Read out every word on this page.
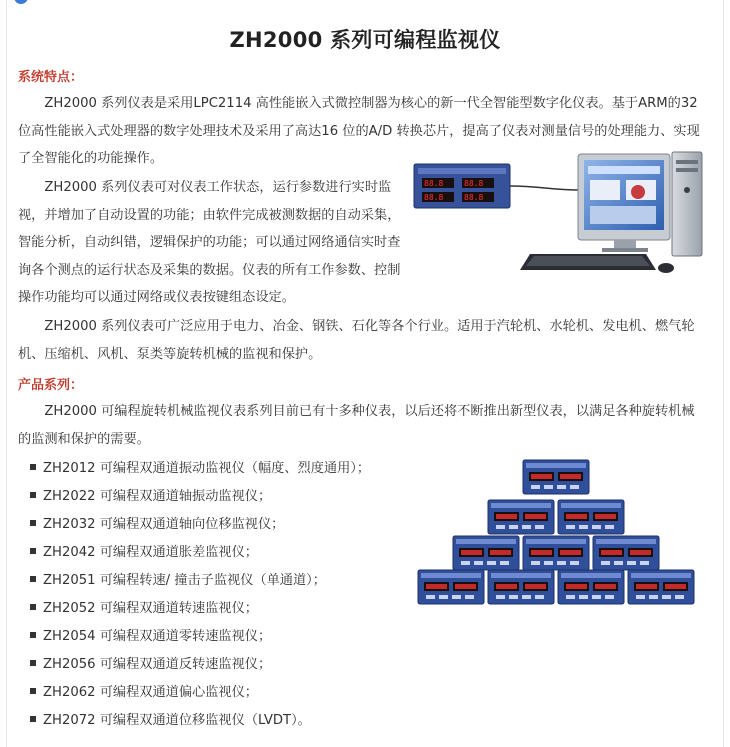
ZH2000 系列可编程监视仪
系统特点：

ZH2000 系列仪表是采用LPC2114 高性能嵌入式微控制器为核心的新一代全智能型数字化仪表。基于ARM的32 位高性能嵌入式处理器的数字处理技术及采用了高达16 位的A/D 转换芯片，提高了仪表对测量信号的处理能力、实现了全智能化的功能操作。

ZH2000 系列仪表可对仪表工作状态，运行参数进行实时监视，并增加了自动设置的功能；由软件完成被测数据的自动采集，智能分析，自动纠错，逻辑保护的功能；可以通过网络通信实时查询各个测点的运行状态及采集的数据。仪表的所有工作参数、控制操作功能均可以通过网络或仪表按键组态设定。

88.8	88.8
88.8	88.8
ZH2000 系列仪表可广泛应用于电力、冶金、钢铁、石化等各个行业。适用于汽轮机、水轮机、发电机、燃气轮机、压缩机、风机、泵类等旋转机械的监视和保护。
产品系列：

ZH2000 可编程旋转机械监视仪表系列目前已有十多种仪表，以后还将不断推出新型仪表，以满足各种旋转机械的监测和保护的需要。

ZH2012 可编程双通道振动监视仪（幅度、烈度通用）；
ZH2022 可编程双通道轴振动监视仪；
ZH2032 可编程双通道轴向位移监视仪；
ZH2042 可编程双通道胀差监视仪；
ZH2051 可编程转速/ 撞击子监视仪（单通道）；
ZH2052 可编程双通道转速监视仪；
ZH2054 可编程双通道零转速监视仪；
ZH2056 可编程双通道反转速监视仪；
ZH2062 可编程双通道偏心监视仪；
ZH2072 可编程双通道位移监视仪（LVDT）。
